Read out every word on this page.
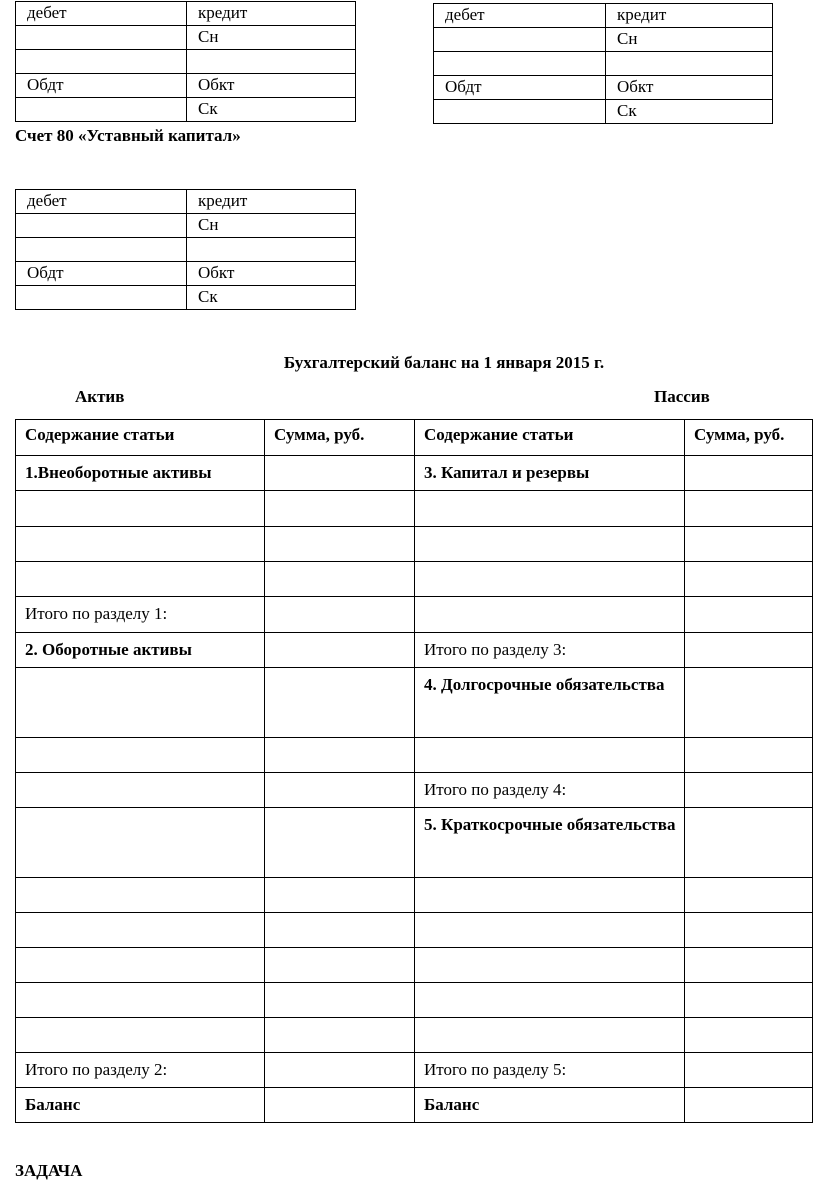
дебет	кредит
	Сн

Обдт	Обкт
	Ск
дебет	кредит
	Сн

Обдт	Обкт
	Ск
Счет 80 «Уставный капитал»
дебет	кредит
	Сн

Обдт	Обкт
	Ск
Бухгалтерский баланс на 1 января 2015 г.
Актив	Пассив
Содержание статьи	Сумма, руб.	Содержание статьи	Сумма, руб.
1.Внеоборотные активы		3. Капитал и резервы	

Итого по разделу 1:			
2. Оборотные активы		Итого по разделу 3:	
		4. Долгосрочные обязательства	

		Итого по разделу 4:	
		5. Краткосрочные обязательства	

Итого по разделу 2:		Итого по разделу 5:	
Баланс		Баланс	
ЗАДАЧА
